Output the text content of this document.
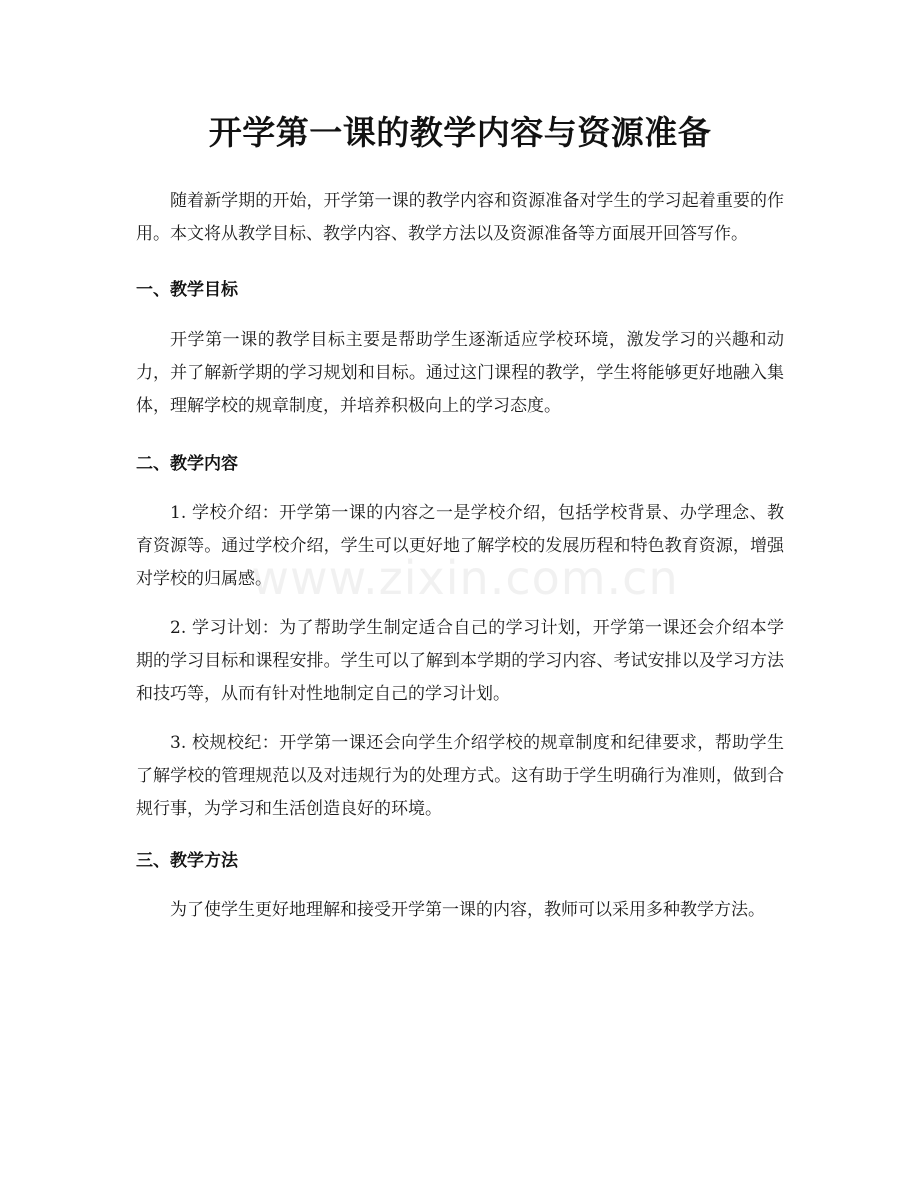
开学第一课的教学内容与资源准备

随着新学期的开始，开学第一课的教学内容和资源准备对学生的学习起着重要的作用。本文将从教学目标、教学内容、教学方法以及资源准备等方面展开回答写作。

一、教学目标

开学第一课的教学目标主要是帮助学生逐渐适应学校环境，激发学习的兴趣和动力，并了解新学期的学习规划和目标。通过这门课程的教学，学生将能够更好地融入集体，理解学校的规章制度，并培养积极向上的学习态度。

二、教学内容

1. 学校介绍：开学第一课的内容之一是学校介绍，包括学校背景、办学理念、教育资源等。通过学校介绍，学生可以更好地了解学校的发展历程和特色教育资源，增强对学校的归属感。

2. 学习计划：为了帮助学生制定适合自己的学习计划，开学第一课还会介绍本学期的学习目标和课程安排。学生可以了解到本学期的学习内容、考试安排以及学习方法和技巧等，从而有针对性地制定自己的学习计划。

3. 校规校纪：开学第一课还会向学生介绍学校的规章制度和纪律要求，帮助学生了解学校的管理规范以及对违规行为的处理方式。这有助于学生明确行为准则，做到合规行事，为学习和生活创造良好的环境。

三、教学方法

为了使学生更好地理解和接受开学第一课的内容，教师可以采用多种教学方法。

www.zixin.com.cn
